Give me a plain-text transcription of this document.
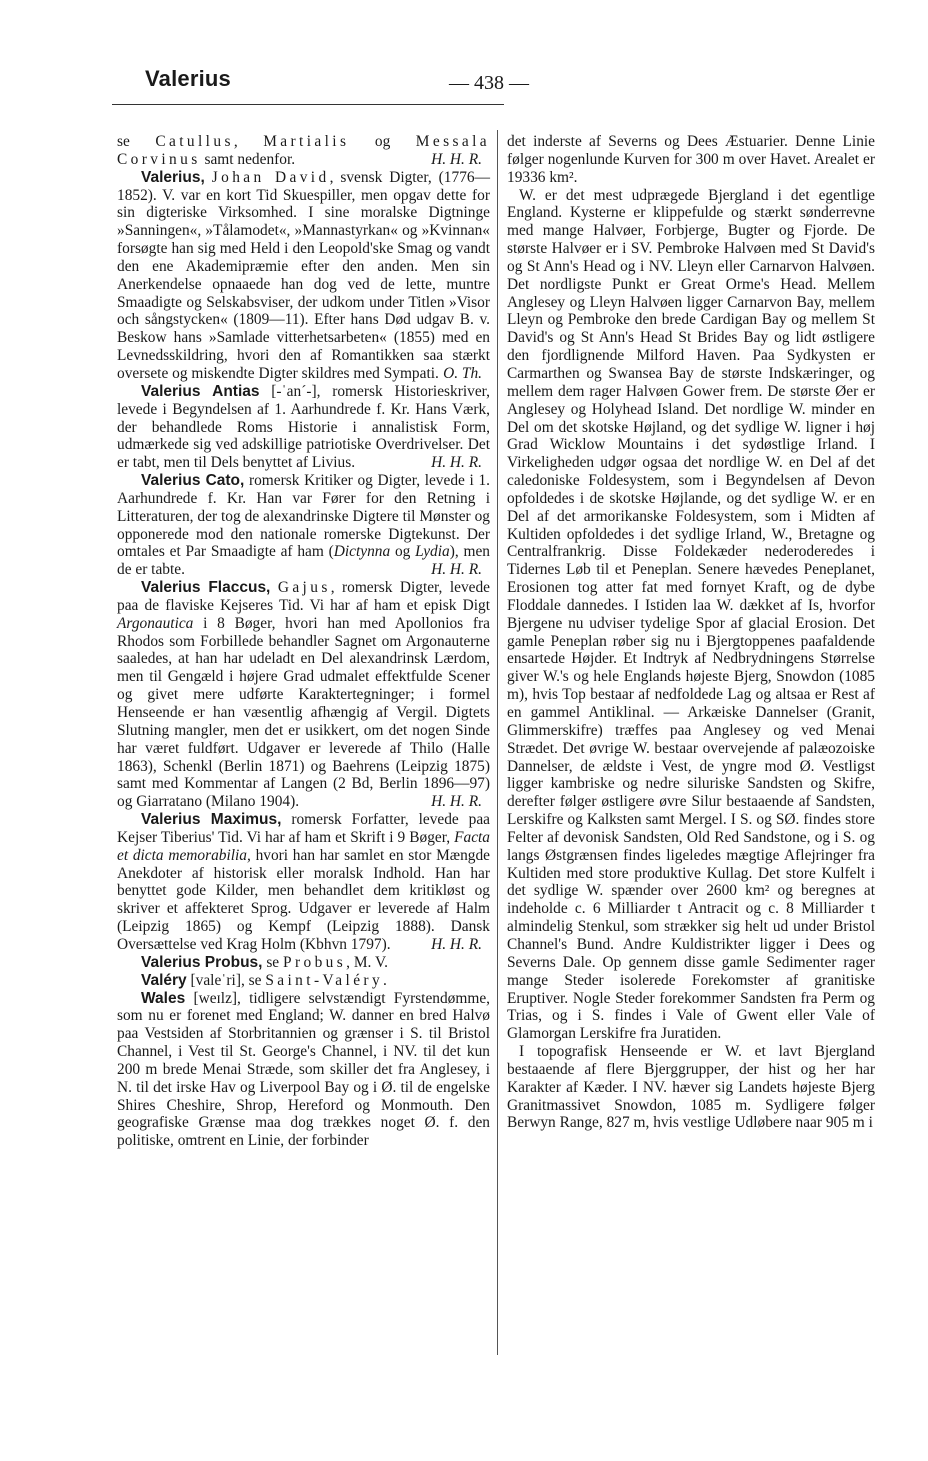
Valerius	— 438 —

se Catullus, Martialis og Messala Corvinus samt nedenfor.	H. H. R.

Valerius, Johan David, svensk Digter, (1776—1852). V. var en kort Tid Skuespiller, men opgav dette for sin digteriske Virksomhed. I sine moralske Digtninge »Sanningen«, »Tålamodet«, »Mannastyrkan« og »Kvinnan« forsøgte han sig med Held i den Leopold'ske Smag og vandt den ene Akademipræmie efter den anden. Men sin Anerkendelse opnaaede han dog ved de lette, muntre Smaadigte og Selskabsviser, der udkom under Titlen »Visor och sångstycken« (1809—11). Efter hans Død udgav B. v. Beskow hans »Samlade vitterhetsarbeten« (1855) med en Levnedsskildring, hvori den af Romantikken saa stærkt oversete og miskendte Digter skildres med Sympati. O. Th.

Valerius Antias [-ˈan´-], romersk Historieskriver, levede i Begyndelsen af 1. Aarhundrede f. Kr. Hans Værk, der behandlede Roms Historie i annalistisk Form, udmærkede sig ved adskillige patriotiske Overdrivelser. Det er tabt, men til Dels benyttet af Livius.	H. H. R.

Valerius Cato, romersk Kritiker og Digter, levede i 1. Aarhundrede f. Kr. Han var Fører for den Retning i Litteraturen, der tog de alexandrinske Digtere til Mønster og opponerede mod den nationale romerske Digtekunst. Der omtales et Par Smaadigte af ham (Dictynna og Lydia), men de er tabte.	H. H. R.

Valerius Flaccus, Gajus, romersk Digter, levede paa de flaviske Kejseres Tid. Vi har af ham et episk Digt Argonautica i 8 Bøger, hvori han med Apollonios fra Rhodos som Forbillede behandler Sagnet om Argonauterne saaledes, at han har udeladt en Del alexandrinsk Lærdom, men til Gengæld i højere Grad udmalet effektfulde Scener og givet mere udførte Karaktertegninger; i formel Henseende er han væsentlig afhængig af Vergil. Digtets Slutning mangler, men det er usikkert, om det nogen Sinde har været fuldført. Udgaver er leverede af Thilo (Halle 1863), Schenkl (Berlin 1871) og Baehrens (Leipzig 1875) samt med Kommentar af Langen (2 Bd, Berlin 1896—97) og Giarratano (Milano 1904).	H. H. R.

Valerius Maximus, romersk Forfatter, levede paa Kejser Tiberius' Tid. Vi har af ham et Skrift i 9 Bøger, Facta et dicta memorabilia, hvori han har samlet en stor Mængde Anekdoter af historisk eller moralsk Indhold. Han har benyttet gode Kilder, men behandlet dem kritikløst og skriver et affekteret Sprog. Udgaver er leverede af Halm (Leipzig 1865) og Kempf (Leipzig 1888). Dansk Oversættelse ved Krag Holm (Kbhvn 1797).	H. H. R.

Valerius Probus, se Probus, M. V.

Valéry [valeˈri], se Saint-Valéry.

Wales [weɪlz], tidligere selvstændigt Fyrstendømme, som nu er forenet med England; W. danner en bred Halvø paa Vestsiden af Storbritannien og grænser i S. til Bristol Channel, i Vest til St. George's Channel, i NV. til det kun 200 m brede Menai Stræde, som skiller det fra Anglesey, i N. til det irske Hav og Liverpool Bay og i Ø. til de engelske Shires Cheshire, Shrop, Hereford og Monmouth. Den geografiske Grænse maa dog trækkes noget Ø. f. den politiske, omtrent en Linie, der forbinder

det inderste af Severns og Dees Æstuarier. Denne Linie følger nogenlunde Kurven for 300 m over Havet. Arealet er 19336 km².

W. er det mest udprægede Bjergland i det egentlige England. Kysterne er klippefulde og stærkt sønderrevne med mange Halvøer, Forbjerge, Bugter og Fjorde. De største Halvøer er i SV. Pembroke Halvøen med St David's og St Ann's Head og i NV. Lleyn eller Carnarvon Halvøen. Det nordligste Punkt er Great Orme's Head. Mellem Anglesey og Lleyn Halvøen ligger Carnarvon Bay, mellem Lleyn og Pembroke den brede Cardigan Bay og mellem St David's og St Ann's Head St Brides Bay og lidt østligere den fjordlignende Milford Haven. Paa Sydkysten er Carmarthen og Swansea Bay de største Indskæringer, og mellem dem rager Halvøen Gower frem. De største Øer er Anglesey og Holyhead Island. Det nordlige W. minder en Del om det skotske Højland, og det sydlige W. ligner i høj Grad Wicklow Mountains i det sydøstlige Irland. I Virkeligheden udgør ogsaa det nordlige W. en Del af det caledoniske Foldesystem, som i Begyndelsen af Devon opfoldedes i de skotske Højlande, og det sydlige W. er en Del af det armorikanske Foldesystem, som i Midten af Kultiden opfoldedes i det sydlige Irland, W., Bretagne og Centralfrankrig. Disse Foldekæder nederoderedes i Tidernes Løb til et Peneplan. Senere hævedes Peneplanet, Erosionen tog atter fat med fornyet Kraft, og de dybe Floddale dannedes. I Istiden laa W. dækket af Is, hvorfor Bjergene nu udviser tydelige Spor af glacial Erosion. Det gamle Peneplan røber sig nu i Bjergtoppenes paafaldende ensartede Højder. Et Indtryk af Nedbrydningens Størrelse giver W.'s og hele Englands højeste Bjerg, Snowdon (1085 m), hvis Top bestaar af nedfoldede Lag og altsaa er Rest af en gammel Antiklinal. — Arkæiske Dannelser (Granit, Glimmerskifre) træffes paa Anglesey og ved Menai Strædet. Det øvrige W. bestaar overvejende af palæozoiske Dannelser, de ældste i Vest, de yngre mod Ø. Vestligst ligger kambriske og nedre siluriske Sandsten og Skifre, derefter følger østligere øvre Silur bestaaende af Sandsten, Lerskifre og Kalksten samt Mergel. I S. og SØ. findes store Felter af devonisk Sandsten, Old Red Sandstone, og i S. og langs Østgrænsen findes ligeledes mægtige Aflejringer fra Kultiden med store produktive Kullag. Det store Kulfelt i det sydlige W. spænder over 2600 km² og beregnes at indeholde c. 6 Milliarder t Antracit og c. 8 Milliarder t almindelig Stenkul, som strækker sig helt ud under Bristol Channel's Bund. Andre Kuldistrikter ligger i Dees og Severns Dale. Op gennem disse gamle Sedimenter rager mange Steder isolerede Forekomster af granitiske Eruptiver. Nogle Steder forekommer Sandsten fra Perm og Trias, og i S. findes i Vale of Gwent eller Vale of Glamorgan Lerskifre fra Juratiden.

I topografisk Henseende er W. et lavt Bjergland bestaaende af flere Bjerggrupper, der hist og her har Karakter af Kæder. I NV. hæver sig Landets højeste Bjerg Granitmassivet Snowdon, 1085 m. Sydligere følger Berwyn Range, 827 m, hvis vestlige Udløbere naar 905 m i
